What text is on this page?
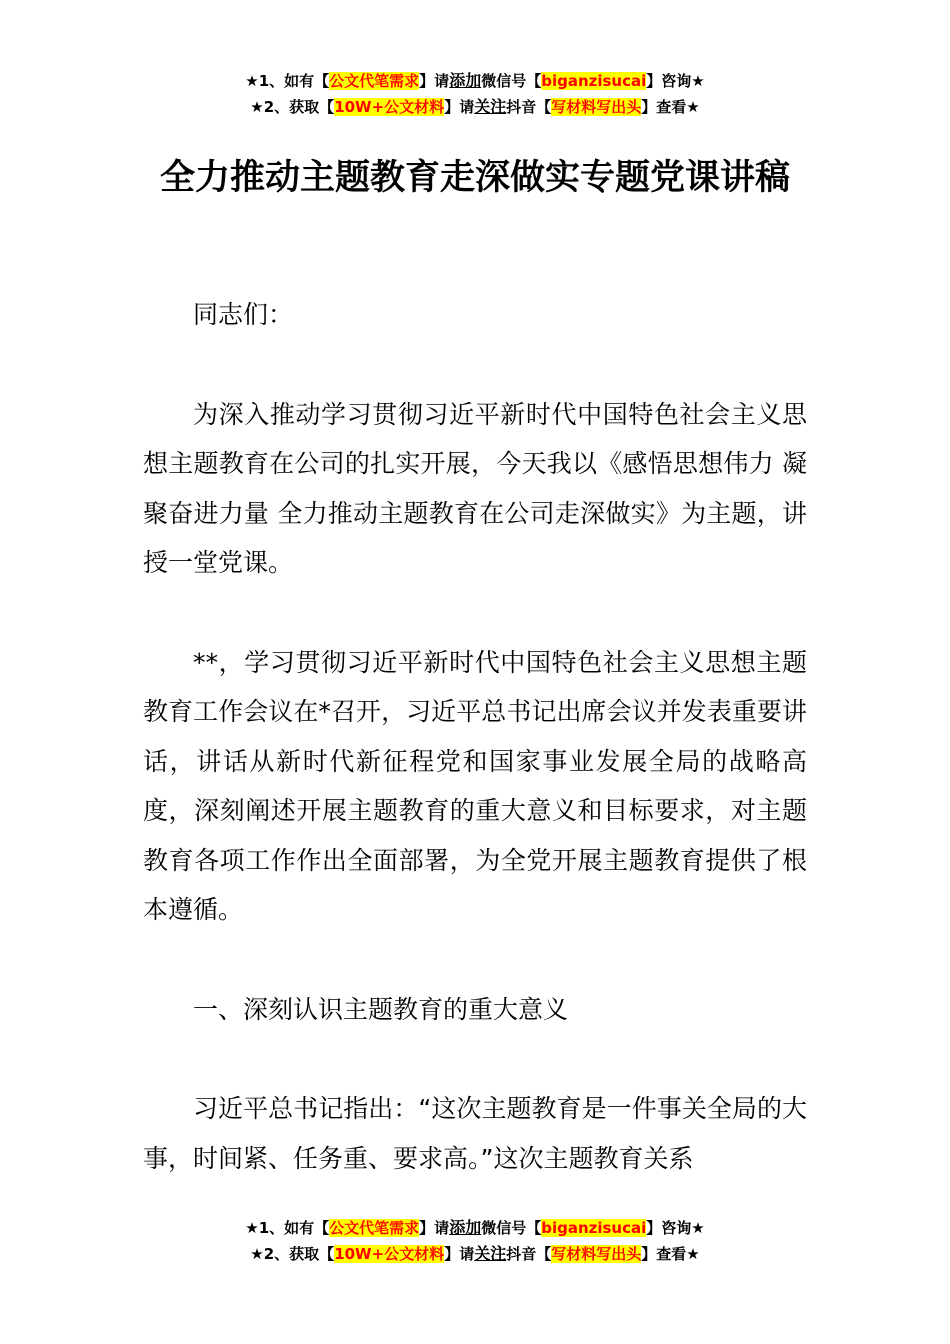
★1、如有【公文代笔需求】请添加微信号【biganzisucai】咨询★
★2、获取【10W+公文材料】请关注抖音【写材料写出头】查看★
全力推动主题教育走深做实专题党课讲稿

同志们：

为深入推动学习贯彻习近平新时代中国特色社会主义思想主题教育在公司的扎实开展，今天我以《感悟思想伟力 凝聚奋进力量 全力推动主题教育在公司走深做实》为主题，讲授一堂党课。

**，学习贯彻习近平新时代中国特色社会主义思想主题教育工作会议在*召开，习近平总书记出席会议并发表重要讲话，讲话从新时代新征程党和国家事业发展全局的战略高度，深刻阐述开展主题教育的重大意义和目标要求，对主题教育各项工作作出全面部署，为全党开展主题教育提供了根本遵循。

一、深刻认识主题教育的重大意义

习近平总书记指出：“这次主题教育是一件事关全局的大事，时间紧、任务重、要求高。”这次主题教育关系

★1、如有【公文代笔需求】请添加微信号【biganzisucai】咨询★
★2、获取【10W+公文材料】请关注抖音【写材料写出头】查看★
